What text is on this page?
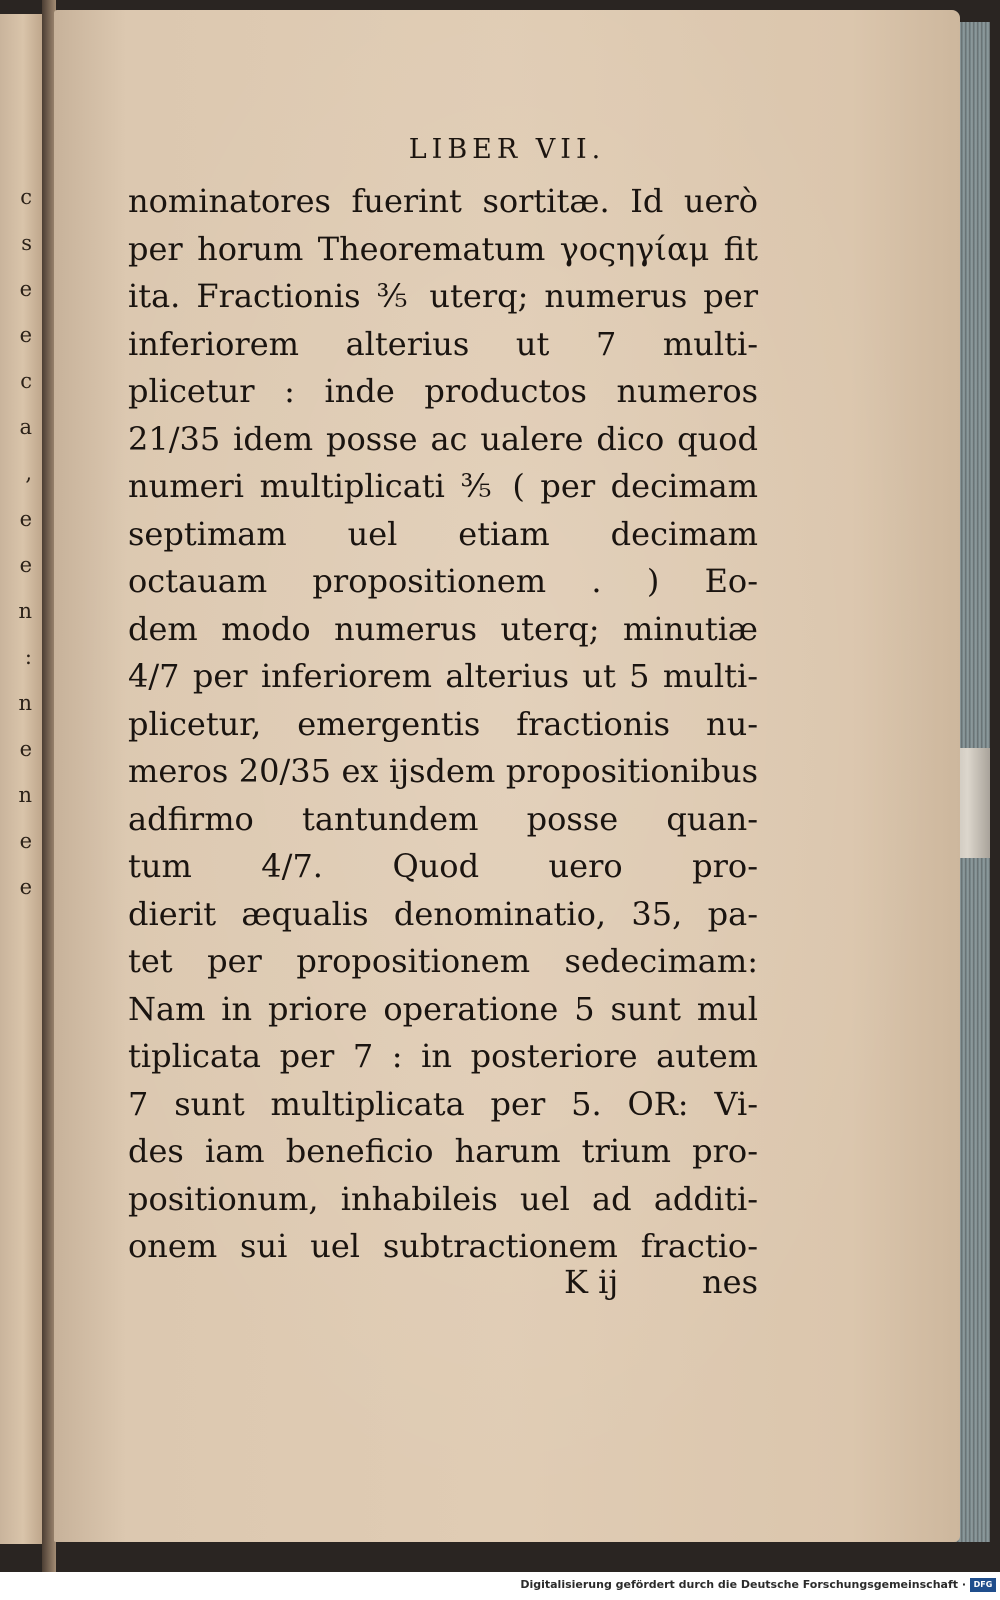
c
s
e
e
c
a
,
e
e
n
:
n
e
n
e
e
LIBER VII.
nominatores fuerint sortitæ. Id uerò
per horum Theorematum γοςηγίαμ fit
ita. Fractionis ⅗ uterq; numerus per
inferiorem alterius ut 7 multi-
plicetur : inde productos numeros
21/35 idem posse ac ualere dico quod
numeri multiplicati ⅗ ( per decimam
septimam uel etiam decimam
octauam propositionem . ) Eo-
dem modo numerus uterq; minutiæ
4/7 per inferiorem alterius ut 5 multi-
plicetur, emergentis fractionis nu-
meros 20/35 ex ijsdem propositionibus
adfirmo tantundem posse quan-
tum 4/7. Quod uero pro-
dierit æqualis denominatio, 35, pa-
tet per propositionem sedecimam:
Nam in priore operatione 5 sunt mul
tiplicata per 7 : in posteriore autem
7 sunt multiplicata per 5. OR: Vi-
des iam beneficio harum trium pro-
positionum, inhabileis uel ad additi-
onem sui uel subtractionem fractio-
K ij	nes
Digitalisierung gefördert durch die Deutsche Forschungsgemeinschaft · DFG
